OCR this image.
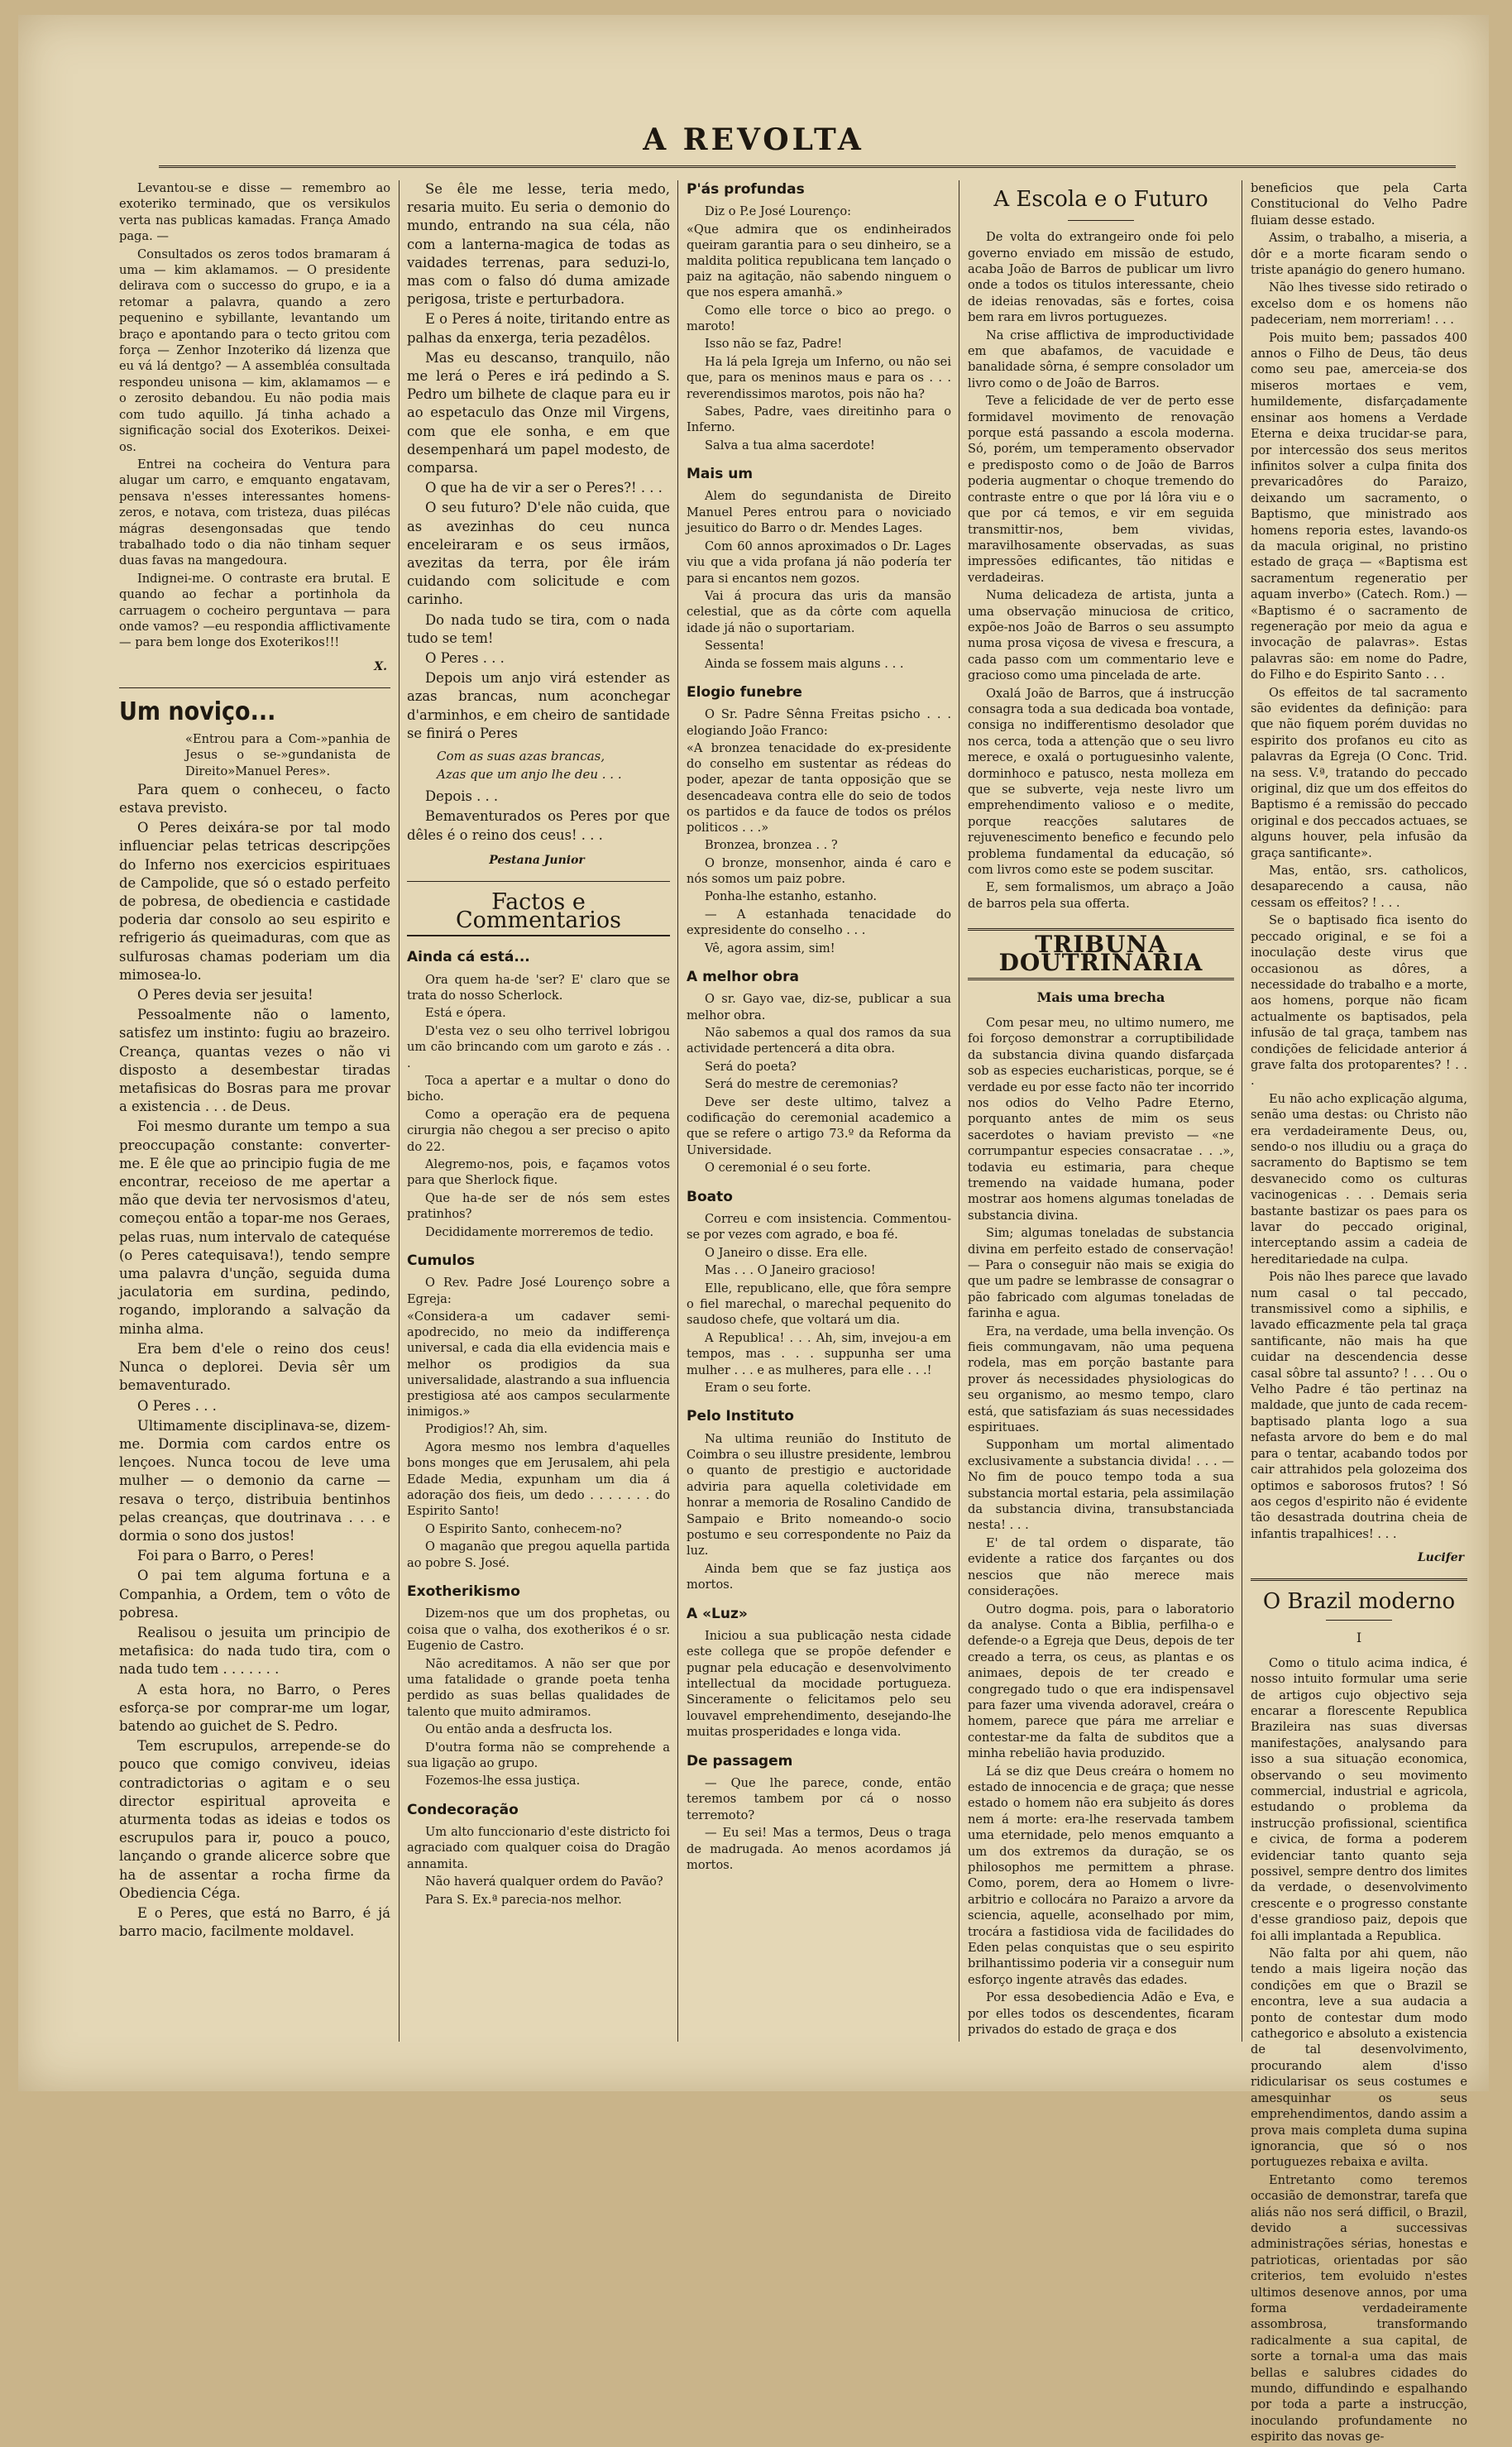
A REVOLTA

Levantou-se e disse — remembro ao exoteriko terminado, que os versikulos verta nas publicas kamadas. França Amado paga. —

Consultados os zeros todos bramaram á uma — kim aklamamos. — O presidente delirava com o successo do grupo, e ia a retomar a palavra, quando a zero pequenino e sybillante, levantando um braço e apontando para o tecto gritou com força — Zenhor Inzoteriko dá lizenza que eu vá lá dentgo? — A assembléa consultada respondeu unisona — kim, aklamamos — e o zerosito debandou. Eu não podia mais com tudo aquillo. Já tinha achado a significação social dos Exoterikos. Deixei-os.

Entrei na cocheira do Ventura para alugar um carro, e emquanto engatavam, pensava n'esses interessantes homens-zeros, e notava, com tristeza, duas pilécas mágras desengonsadas que tendo trabalhado todo o dia não tinham sequer duas favas na mangedoura.

Indignei-me. O contraste era brutal. E quando ao fechar a portinhola da carruagem o cocheiro perguntava — para onde vamos? —eu respondia afflictivamente — para bem longe dos Exoterikos!!!

X.
Um noviço...

«Entrou para a Com-»panhia de Jesus o se-»gundanista de Direito»Manuel Peres».

Para quem o conheceu, o facto estava previsto.

O Peres deixára-se por tal modo influenciar pelas tetricas descripções do Inferno nos exercicios espirituaes de Campolide, que só o estado perfeito de pobresa, de obediencia e castidade poderia dar consolo ao seu espirito e refrigerio ás queimaduras, com que as sulfurosas chamas poderiam um dia mimosea-lo.

O Peres devia ser jesuita!

Pessoalmente não o lamento, satisfez um instinto: fugiu ao brazeiro. Creança, quantas vezes o não vi disposto a desembestar tiradas metafisicas do Bosras para me provar a existencia . . . de Deus.

Foi mesmo durante um tempo a sua preoccupação constante: converter-me. E êle que ao principio fugia de me encontrar, receioso de me apertar a mão que devia ter nervosismos d'ateu, começou então a topar-me nos Geraes, pelas ruas, num intervalo de catequése (o Peres catequisava!), tendo sempre uma palavra d'unção, seguida duma jaculatoria em surdina, pedindo, rogando, implorando a salvação da minha alma.

Era bem d'ele o reino dos ceus! Nunca o deplorei. Devia sêr um bemaventurado.

O Peres . . .

Ultimamente disciplinava-se, dizem-me. Dormia com cardos entre os lençoes. Nunca tocou de leve uma mulher — o demonio da carne — resava o terço, distribuia bentinhos pelas creanças, que doutrinava . . . e dormia o sono dos justos!

Foi para o Barro, o Peres!

O pai tem alguma fortuna e a Companhia, a Ordem, tem o vôto de pobresa.

Realisou o jesuita um principio de metafisica: do nada tudo tira, com o nada tudo tem . . . . . . .

A esta hora, no Barro, o Peres esforça-se por comprar-me um logar, batendo ao guichet de S. Pedro.

Tem escrupulos, arrepende-se do pouco que comigo conviveu, ideias contradictorias o agitam e o seu director espiritual aproveita e aturmenta todas as ideias e todos os escrupulos para ir, pouco a pouco, lançando o grande alicerce sobre que ha de assentar a rocha firme da Obediencia Céga.

E o Peres, que está no Barro, é já barro macio, facilmente moldavel.

Se êle me lesse, teria medo, resaria muito. Eu seria o demonio do mundo, entrando na sua céla, não com a lanterna-magica de todas as vaidades terrenas, para seduzi-lo, mas com o falso dó duma amizade perigosa, triste e perturbadora.

E o Peres á noite, tiritando entre as palhas da enxerga, teria pezadêlos.

Mas eu descanso, tranquilo, não me lerá o Peres e irá pedindo a S. Pedro um bilhete de claque para eu ir ao espetaculo das Onze mil Virgens, com que ele sonha, e em que desempenhará um papel modesto, de comparsa.

O que ha de vir a ser o Peres?! . . .

O seu futuro? D'ele não cuida, que as avezinhas do ceu nunca enceleiraram e os seus irmãos, avezitas da terra, por êle irám cuidando com solicitude e com carinho.

Do nada tudo se tira, com o nada tudo se tem!

O Peres . . .

Depois um anjo virá estender as azas brancas, num aconchegar d'arminhos, e em cheiro de santidade se finirá o Peres

Com as suas azas brancas,
Azas que um anjo lhe deu . . .

Depois . . .

Bemaventurados os Peres por que dêles é o reino dos ceus! . . .

Pestana Junior
Factos e Commentarios
Ainda cá está...

Ora quem ha-de 'ser? E' claro que se trata do nosso Scherlock.

Está e ópera.

D'esta vez o seu olho terrivel lobrigou um cão brincando com um garoto e zás . . .

Toca a apertar e a multar o dono do bicho.

Como a operação era de pequena cirurgia não chegou a ser preciso o apito do 22.

Alegremo-nos, pois, e façamos votos para que Sherlock fique.

Que ha-de ser de nós sem estes pratinhos?

Decididamente morreremos de tedio.

Cumulos

O Rev. Padre José Lourenço sobre a Egreja:

«Considera-a um cadaver semi-apodrecido, no meio da indifferença universal, e cada dia ella evidencia mais e melhor os prodigios da sua universalidade, alastrando a sua influencia prestigiosa até aos campos secularmente inimigos.»

Prodigios!? Ah, sim.

Agora mesmo nos lembra d'aquelles bons monges que em Jerusalem, ahi pela Edade Media, expunham um dia á adoração dos fieis, um dedo . . . . . . . do Espirito Santo!

O Espirito Santo, conhecem-no?

O maganão que pregou aquella partida ao pobre S. José.

Exotherikismo

Dizem-nos que um dos prophetas, ou coisa que o valha, dos exotherikos é o sr. Eugenio de Castro.

Não acreditamos. A não ser que por uma fatalidade o grande poeta tenha perdido as suas bellas qualidades de talento que muito admiramos.

Ou então anda a desfructa los.

D'outra forma não se comprehende a sua ligação ao grupo.

Fozemos-lhe essa justiça.

Condecoração

Um alto funccionario d'este districto foi agraciado com qualquer coisa do Dragão annamita.

Não haverá qualquer ordem do Pavão?

Para S. Ex.ª parecia-nos melhor.

P'ás profundas

Diz o P.e José Lourenço:

«Que admira que os endinheirados queiram garantia para o seu dinheiro, se a maldita politica republicana tem lançado o paiz na agitação, não sabendo ninguem o que nos espera amanhã.»

Como elle torce o bico ao prego. o maroto!

Isso não se faz, Padre!

Ha lá pela Igreja um Inferno, ou não sei que, para os meninos maus e para os . . . reverendissimos marotos, pois não ha?

Sabes, Padre, vaes direitinho para o Inferno.

Salva a tua alma sacerdote!

Mais um

Alem do segundanista de Direito Manuel Peres entrou para o noviciado jesuitico do Barro o dr. Mendes Lages.

Com 60 annos aproximados o Dr. Lages viu que a vida profana já não podería ter para si encantos nem gozos.

Vai á procura das uris da mansão celestial, que as da côrte com aquella idade já não o suportariam.

Sessenta!

Ainda se fossem mais alguns . . .

Elogio funebre

O Sr. Padre Sênna Freitas psicho . . . elogiando João Franco:

«A bronzea tenacidade do ex-presidente do conselho em sustentar as rédeas do poder, apezar de tanta opposição que se desencadeava contra elle do seio de todos os partidos e da fauce de todos os prélos politicos . . .»

Bronzea, bronzea . . ?

O bronze, monsenhor, ainda é caro e nós somos um paiz pobre.

Ponha-lhe estanho, estanho.

— A estanhada tenacidade do expresidente do conselho . . .

Vê, agora assim, sim!

A melhor obra

O sr. Gayo vae, diz-se, publicar a sua melhor obra.

Não sabemos a qual dos ramos da sua actividade pertencerá a dita obra.

Será do poeta?

Será do mestre de ceremonias?

Deve ser deste ultimo, talvez a codificação do ceremonial academico a que se refere o artigo 73.º da Reforma da Universidade.

O ceremonial é o seu forte.

Boato

Correu e com insistencia. Commentou-se por vezes com agrado, e boa fé.

O Janeiro o disse. Era elle.

Mas . . . O Janeiro gracioso!

Elle, republicano, elle, que fôra sempre o fiel marechal, o marechal pequenito do saudoso chefe, que voltará um dia.

A Republica! . . . Ah, sim, invejou-a em tempos, mas . . . suppunha ser uma mulher . . . e as mulheres, para elle . . .!

Eram o seu forte.

Pelo Instituto

Na ultima reunião do Instituto de Coimbra o seu illustre presidente, lembrou o quanto de prestigio e auctoridade adviria para aquella coletividade em honrar a memoria de Rosalino Candido de Sampaio e Brito nomeando-o socio postumo e seu correspondente no Paiz da luz.

Ainda bem que se faz justiça aos mortos.

A «Luz»

Iniciou a sua publicação nesta cidade este collega que se propõe defender e pugnar pela educação e desenvolvimento intellectual da mocidade portugueza. Sinceramente o felicitamos pelo seu louvavel emprehendimento, desejando-lhe muitas prosperidades e longa vida.

De passagem

— Que lhe parece, conde, então teremos tambem por cá o nosso terremoto?

— Eu sei! Mas a termos, Deus o traga de madrugada. Ao menos acordamos já mortos.

A Escola e o Futuro

De volta do extrangeiro onde foi pelo governo enviado em missão de estudo, acaba João de Barros de publicar um livro onde a todos os titulos interessante, cheio de ideias renovadas, sãs e fortes, coisa bem rara em livros portuguezes.

Na crise afflictiva de improductividade em que abafamos, de vacuidade e banalidade sôrna, é sempre consolador um livro como o de João de Barros.

Teve a felicidade de ver de perto esse formidavel movimento de renovação porque está passando a escola moderna. Só, porém, um temperamento observador e predisposto como o de João de Barros poderia augmentar o choque tremendo do contraste entre o que por lá lôra viu e o que por cá temos, e vir em seguida transmittir-nos, bem vividas, maravilhosamente observadas, as suas impressões edificantes, tão nitidas e verdadeiras.

Numa delicadeza de artista, junta a uma observação minuciosa de critico, expõe-nos João de Barros o seu assumpto numa prosa viçosa de vivesa e frescura, a cada passo com um commentario leve e gracioso como uma pincelada de arte.

Oxalá João de Barros, que á instrucção consagra toda a sua dedicada boa vontade, consiga no indifferentismo desolador que nos cerca, toda a attenção que o seu livro merece, e oxalá o portuguesinho valente, dorminhoco e patusco, nesta molleza em que se subverte, veja neste livro um emprehendimento valioso e o medite, porque reacções salutares de rejuvenescimento benefico e fecundo pelo problema fundamental da educação, só com livros como este se podem suscitar.

E, sem formalismos, um abraço a João de barros pela sua offerta.

TRIBUNA DOUTRINARIA
Mais uma brecha

Com pesar meu, no ultimo numero, me foi forçoso demonstrar a corruptibilidade da substancia divina quando disfarçada sob as especies eucharisticas, porque, se é verdade eu por esse facto não ter incorrido nos odios do Velho Padre Eterno, porquanto antes de mim os seus sacerdotes o haviam previsto — «ne corrumpantur especies consacratae . . .», todavia eu estimaria, para cheque tremendo na vaidade humana, poder mostrar aos homens algumas toneladas de substancia divina.

Sim; algumas toneladas de substancia divina em perfeito estado de conservação! — Para o conseguir não mais se exigia do que um padre se lembrasse de consagrar o pão fabricado com algumas toneladas de farinha e agua.

Era, na verdade, uma bella invenção. Os fieis commungavam, não uma pequena rodela, mas em porção bastante para prover ás necessidades physiologicas do seu organismo, ao mesmo tempo, claro está, que satisfaziam ás suas necessidades espirituaes.

Supponham um mortal alimentado exclusivamente a substancia divida! . . . — No fim de pouco tempo toda a sua substancia mortal estaria, pela assimilação da substancia divina, transubstanciada nesta! . . .

E' de tal ordem o disparate, tão evidente a ratice dos farçantes ou dos nescios que não merece mais considerações.

Outro dogma. pois, para o laboratorio da analyse. Conta a Biblia, perfilha-o e defende-o a Egreja que Deus, depois de ter creado a terra, os ceus, as plantas e os animaes, depois de ter creado e congregado tudo o que era indispensavel para fazer uma vivenda adoravel, creára o homem, parece que pára me arreliar e contestar-me da falta de subditos que a minha rebelião havia produzido.

Lá se diz que Deus creára o homem no estado de innocencia e de graça; que nesse estado o homem não era subjeito ás dores nem á morte: era-lhe reservada tambem uma eternidade, pelo menos emquanto a um dos extremos da duração, se os philosophos me permittem a phrase. Como, porem, dera ao Homem o livre-arbitrio e collocára no Paraizo a arvore da sciencia, aquelle, aconselhado por mim, trocára a fastidiosa vida de facilidades do Eden pelas conquistas que o seu espirito brilhantissimo poderia vir a conseguir num esforço ingente atravês das edades.

Por essa desobediencia Adão e Eva, e por elles todos os descendentes, ficaram privados do estado de graça e dos

beneficios que pela Carta Constitucional do Velho Padre fluiam desse estado.

Assim, o trabalho, a miseria, a dôr e a morte ficaram sendo o triste apanágio do genero humano.

Não lhes tivesse sido retirado o excelso dom e os homens não padeceriam, nem morreriam! . . .

Pois muito bem; passados 400 annos o Filho de Deus, tão deus como seu pae, amerceia-se dos miseros mortaes e vem, humildemente, disfarçadamente ensinar aos homens a Verdade Eterna e deixa trucidar-se para, por intercessão dos seus meritos infinitos solver a culpa finita dos prevaricadôres do Paraizo, deixando um sacramento, o Baptismo, que ministrado aos homens reporia estes, lavando-os da macula original, no pristino estado de graça — «Baptisma est sacramentum regeneratio per aquam inverbo» (Catech. Rom.) — «Baptismo é o sacramento de regeneração por meio da agua e invocação de palavras». Estas palavras são: em nome do Padre, do Filho e do Espirito Santo . . .

Os effeitos de tal sacramento são evidentes da definição: para que não fiquem porém duvidas no espirito dos profanos eu cito as palavras da Egreja (O Conc. Trid. na sess. V.ª, tratando do peccado original, diz que um dos effeitos do Baptismo é a remissão do peccado original e dos peccados actuaes, se alguns houver, pela infusão da graça santificante».

Mas, então, srs. catholicos, desaparecendo a causa, não cessam os effeitos? ! . . .

Se o baptisado fica isento do peccado original, e se foi a inoculação deste virus que occasionou as dôres, a necessidade do trabalho e a morte, aos homens, porque não ficam actualmente os baptisados, pela infusão de tal graça, tambem nas condições de felicidade anterior á grave falta dos protoparentes? ! . . .

Eu não acho explicação alguma, senão uma destas: ou Christo não era verdadeiramente Deus, ou, sendo-o nos illudiu ou a graça do sacramento do Baptismo se tem desvanecido como os culturas vacinogenicas . . . Demais seria bastante bastizar os paes para os lavar do peccado original, interceptando assim a cadeia de hereditariedade na culpa.

Pois não lhes parece que lavado num casal o tal peccado, transmissivel como a siphilis, e lavado efficazmente pela tal graça santificante, não mais ha que cuidar na descendencia desse casal sôbre tal assunto? ! . . . Ou o Velho Padre é tão pertinaz na maldade, que junto de cada recem-baptisado planta logo a sua nefasta arvore do bem e do mal para o tentar, acabando todos por cair attrahidos pela golozeima dos optimos e saborosos frutos? ! Só aos cegos d'espirito não é evidente tão desastrada doutrina cheia de infantis trapalhices! . . .

Lucifer
O Brazil moderno
I

Como o titulo acima indica, é nosso intuito formular uma serie de artigos cujo objectivo seja encarar a florescente Republica Brazileira nas suas diversas manifestações, analysando para isso a sua situação economica, observando o seu movimento commercial, industrial e agricola, estudando o problema da instrucção profissional, scientifica e civica, de forma a poderem evidenciar tanto quanto seja possivel, sempre dentro dos limites da verdade, o desenvolvimento crescente e o progresso constante d'esse grandioso paiz, depois que foi alli implantada a Republica.

Não falta por ahi quem, não tendo a mais ligeira noção das condições em que o Brazil se encontra, leve a sua audacia a ponto de contestar dum modo cathegorico e absoluto a existencia de tal desenvolvimento, procurando alem d'isso ridicularisar os seus costumes e amesquinhar os seus emprehendimentos, dando assim a prova mais completa duma supina ignorancia, que só o nos portuguezes rebaixa e avilta.

Entretanto como teremos occasião de demonstrar, tarefa que aliás não nos será difficil, o Brazil, devido a successivas administrações sérias, honestas e patrioticas, orientadas por são criterios, tem evoluido n'estes ultimos desenove annos, por uma forma verdadeiramente assombrosa, transformando radicalmente a sua capital, de sorte a tornal-a uma das mais bellas e salubres cidades do mundo, diffundindo e espalhando por toda a parte a instrucção, inoculando profundamente no espirito das novas ge-
